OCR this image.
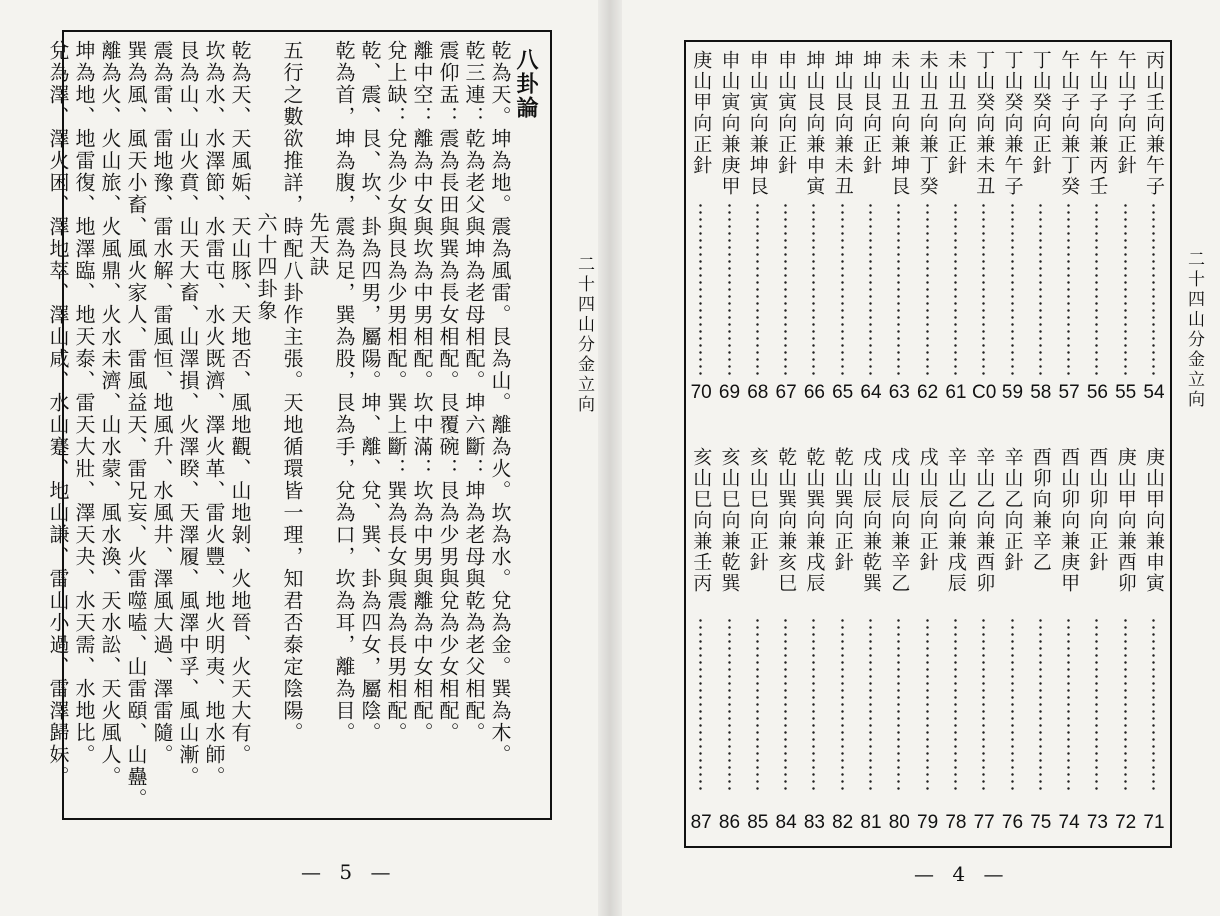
八卦論
乾為天。坤為地。震為風雷。艮為山。離為火。坎為水。兌為金。巽為木。
乾三連：乾為老父與坤為老母相配。坤六斷：坤為老母與乾為老父相配。
震仰盂：震為長田與巽為長女相配。艮覆碗：艮為少男與兌為少女相配。
離中空：離為中女與坎為中男相配。坎中滿：坎為中男與離為中女相配。
兌上缺：兌為少女與艮為少男相配。巽上斷：巽為長女與震為長男相配。
乾、震、艮、坎、卦為四男，屬陽。坤、離、兌、巽、卦為四女，屬陰。
乾為首，坤為腹，震為足，巽為股，艮為手，兌為口，坎為耳，離為目。
先天訣
五行之數欲推詳，時配八卦作主張。天地循環皆一理，知君否泰定陰陽。
六十四卦象
乾為天、天風姤、天山豚、天地否、風地觀、山地剝、火地晉、火天大有。
坎為水、水澤節、水雷屯、水火既濟、澤火革、雷火豐、地火明夷、地水師。
艮為山、山火賁、山天大畜、山澤損、火澤睽、天澤履、風澤中孚、風山漸。
震為雷、雷地豫、雷水解、雷風恒、地風升、水風井、澤風大過、澤雷隨。
巽為風、風天小畜、風火家人、雷風益天、雷兄妄、火雷噬嗑、山雷頤、山蠱。
離為火、火山旅、火風鼎、火水未濟、山水蒙、風水渙、天水訟、天火風人。
坤為地、地雷復、地澤臨、地天泰、雷天大壯、澤天夬、水天需、水地比。
兌為澤、澤火困、澤地萃、澤山咸、水山蹇、地山謙、雷山小過、雷澤歸妹。	二十四山分金立向
— 5 —
丙山壬向兼午子
54
午山子向正針
55
午山子向兼丙壬
56
午山子向兼丁癸
57
丁山癸向正針
58
丁山癸向兼午子
59
丁山癸向兼未丑
C0
未山丑向正針
61
未山丑向兼丁癸
62
未山丑向兼坤艮
63
坤山艮向正針
64
坤山艮向兼未丑
65
坤山艮向兼申寅
66
申山寅向正針
67
申山寅向兼坤艮
68
申山寅向兼庚甲
69
庚山甲向正針
70
庚山甲向兼申寅
71
庚山甲向兼酉卯
72
酉山卯向正針
73
酉山卯向兼庚甲
74
酉卯向兼辛乙
75
辛山乙向正針
76
辛山乙向兼酉卯
77
辛山乙向兼戌辰
78
戌山辰向正針
79
戌山辰向兼辛乙
80
戌山辰向兼乾巽
81
乾山巽向正針
82
乾山巽向兼戌辰
83
乾山巽向兼亥巳
84
亥山巳向正針
85
亥山巳向兼乾巽
86
亥山巳向兼壬丙
87
二十四山分金立向
— 4 —
